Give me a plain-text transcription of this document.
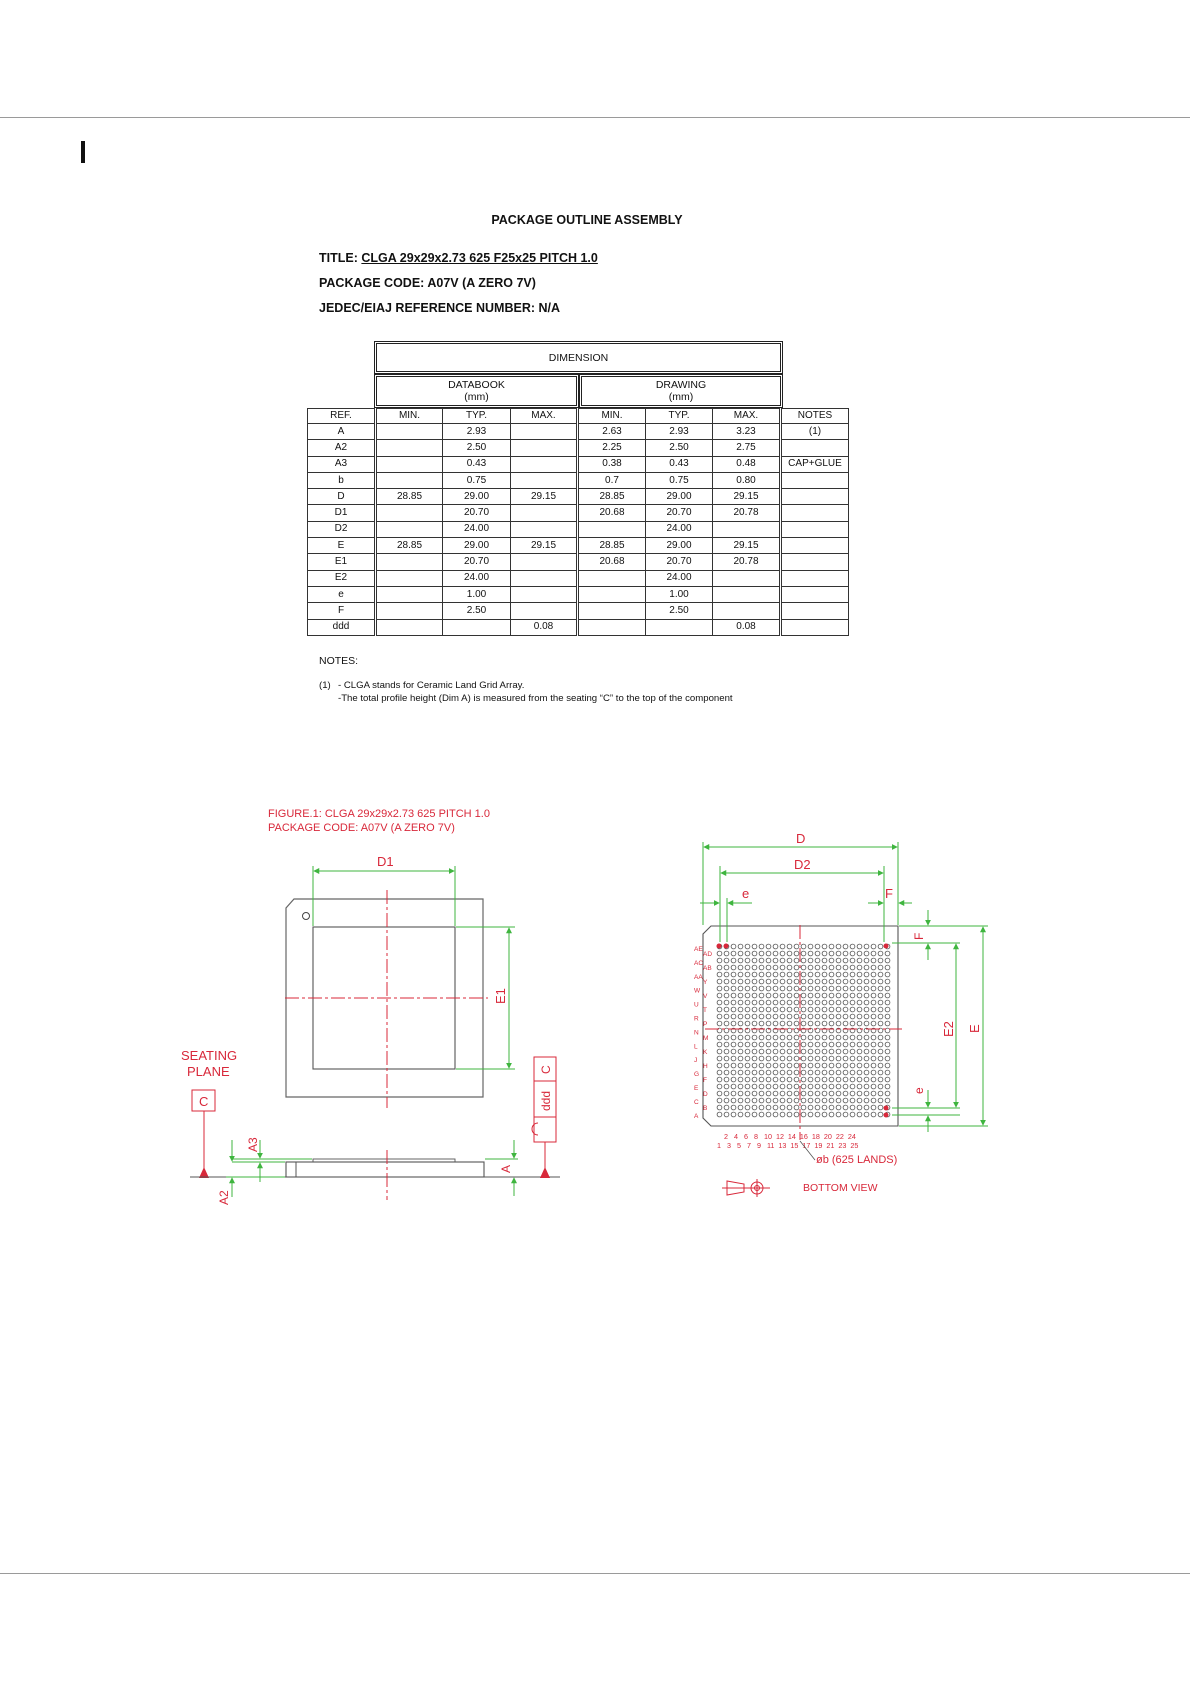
PACKAGE OUTLINE ASSEMBLY
TITLE: CLGA 29x29x2.73 625 F25x25 PITCH 1.0
PACKAGE CODE: A07V (A ZERO 7V)
JEDEC/EIAJ REFERENCE NUMBER: N/A
DIMENSION
DATABOOK
(mm)
DRAWING
(mm)
REF.	MIN.	TYP.	MAX.	MIN.	TYP.	MAX.	NOTES
A		2.93		2.63	2.93	3.23	(1)
A2		2.50		2.25	2.50	2.75	
A3		0.43		0.38	0.43	0.48	CAP+GLUE
b		0.75		0.7	0.75	0.80	
D	28.85	29.00	29.15	28.85	29.00	29.15	
D1		20.70		20.68	20.70	20.78	
D2		24.00			24.00		
E	28.85	29.00	29.15	28.85	29.00	29.15	
E1		20.70		20.68	20.70	20.78	
E2		24.00			24.00		
e		1.00			1.00		
F		2.50			2.50		
ddd			0.08			0.08	
NOTES:
(1) - CLGA stands for Ceramic Land Grid Array.
-The total profile height (Dim A) is measured from the seating “C” to the top of the component
FIGURE.1: CLGA 29x29x2.73 625 PITCH 1.0
PACKAGE CODE: A07V (A ZERO 7V)
D1
E1
SEATING
PLANE
C
A3
A2
A
C
ddd
D
D2
e	F
F
e
E2 E
AE
AC
AA
W
U
R
N
L
J
G
E
C
A
AD
AB
Y
V
T
P
M
K
H
F
D
B
2   4   6   8   10  12  14  16  18  20  22  24
1   3   5   7   9   11  13  15  17  19  21  23  25
øb (625 LANDS)
BOTTOM VIEW
